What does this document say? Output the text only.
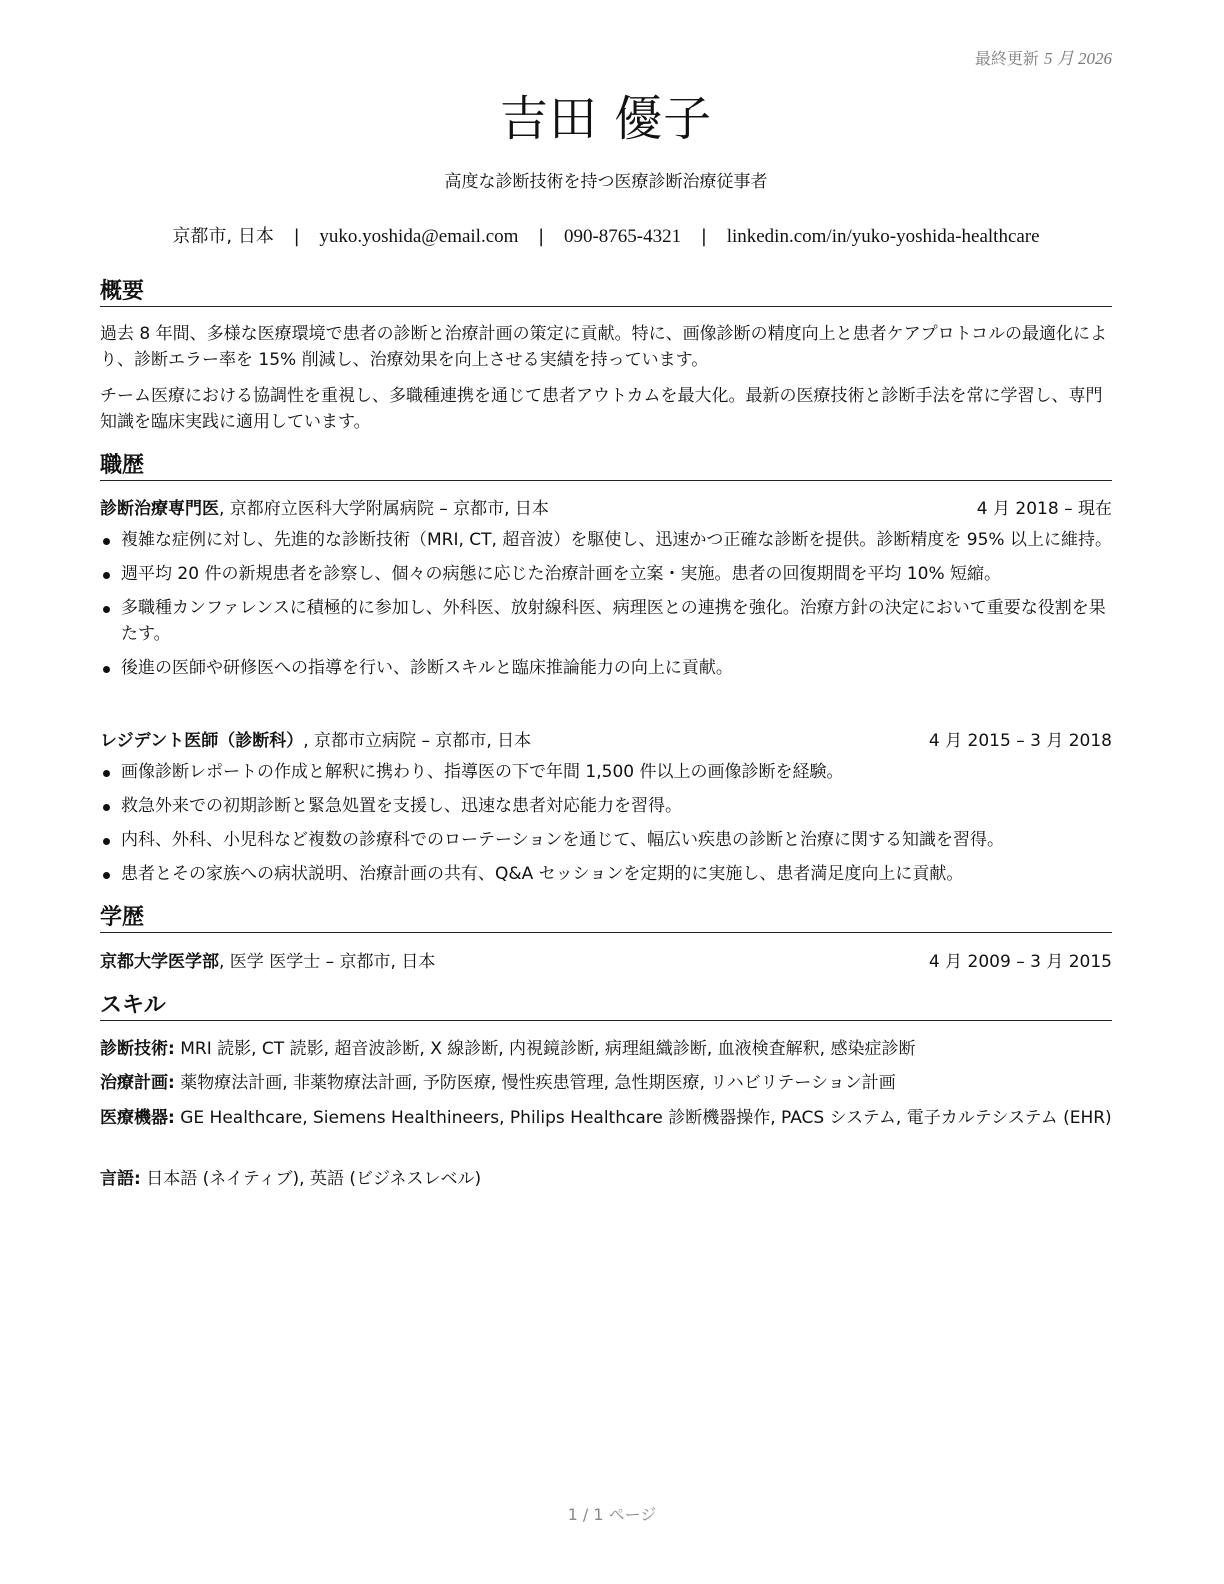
最終更新 5 月 2026
吉田 優子
高度な診断技術を持つ医療診断治療従事者
京都市, 日本 | yuko.yoshida@email.com | 090-8765-4321 | linkedin.com/in/yuko-yoshida-healthcare
概要
過去 8 年間、多様な医療環境で患者の診断と治療計画の策定に貢献。特に、画像診断の精度向上と患者ケアプロトコルの最適化により、診断エラー率を 15% 削減し、治療効果を向上させる実績を持っています。
チーム医療における協調性を重視し、多職種連携を通じて患者アウトカムを最大化。最新の医療技術と診断手法を常に学習し、専門知識を臨床実践に適用しています。
職歴
診断治療専門医, 京都府立医科大学附属病院 – 京都市, 日本	4 月 2018 – 現在
複雑な症例に対し、先進的な診断技術（MRI, CT, 超音波）を駆使し、迅速かつ正確な診断を提供。診断精度を 95% 以上に維持。
週平均 20 件の新規患者を診察し、個々の病態に応じた治療計画を立案・実施。患者の回復期間を平均 10% 短縮。
多職種カンファレンスに積極的に参加し、外科医、放射線科医、病理医との連携を強化。治療方針の決定において重要な役割を果たす。
後進の医師や研修医への指導を行い、診断スキルと臨床推論能力の向上に貢献。
レジデント医師（診断科）, 京都市立病院 – 京都市, 日本	4 月 2015 – 3 月 2018
画像診断レポートの作成と解釈に携わり、指導医の下で年間 1,500 件以上の画像診断を経験。
救急外来での初期診断と緊急処置を支援し、迅速な患者対応能力を習得。
内科、外科、小児科など複数の診療科でのローテーションを通じて、幅広い疾患の診断と治療に関する知識を習得。
患者とその家族への病状説明、治療計画の共有、Q&A セッションを定期的に実施し、患者満足度向上に貢献。
学歴
京都大学医学部, 医学 医学士 – 京都市, 日本	4 月 2009 – 3 月 2015
スキル
診断技術: MRI 読影, CT 読影, 超音波診断, X 線診断, 内視鏡診断, 病理組織診断, 血液検査解釈, 感染症診断
治療計画: 薬物療法計画, 非薬物療法計画, 予防医療, 慢性疾患管理, 急性期医療, リハビリテーション計画
医療機器: GE Healthcare, Siemens Healthineers, Philips Healthcare 診断機器操作, PACS システム, 電子カルテシステム (EHR)
言語: 日本語 (ネイティブ), 英語 (ビジネスレベル)
1 / 1 ページ
